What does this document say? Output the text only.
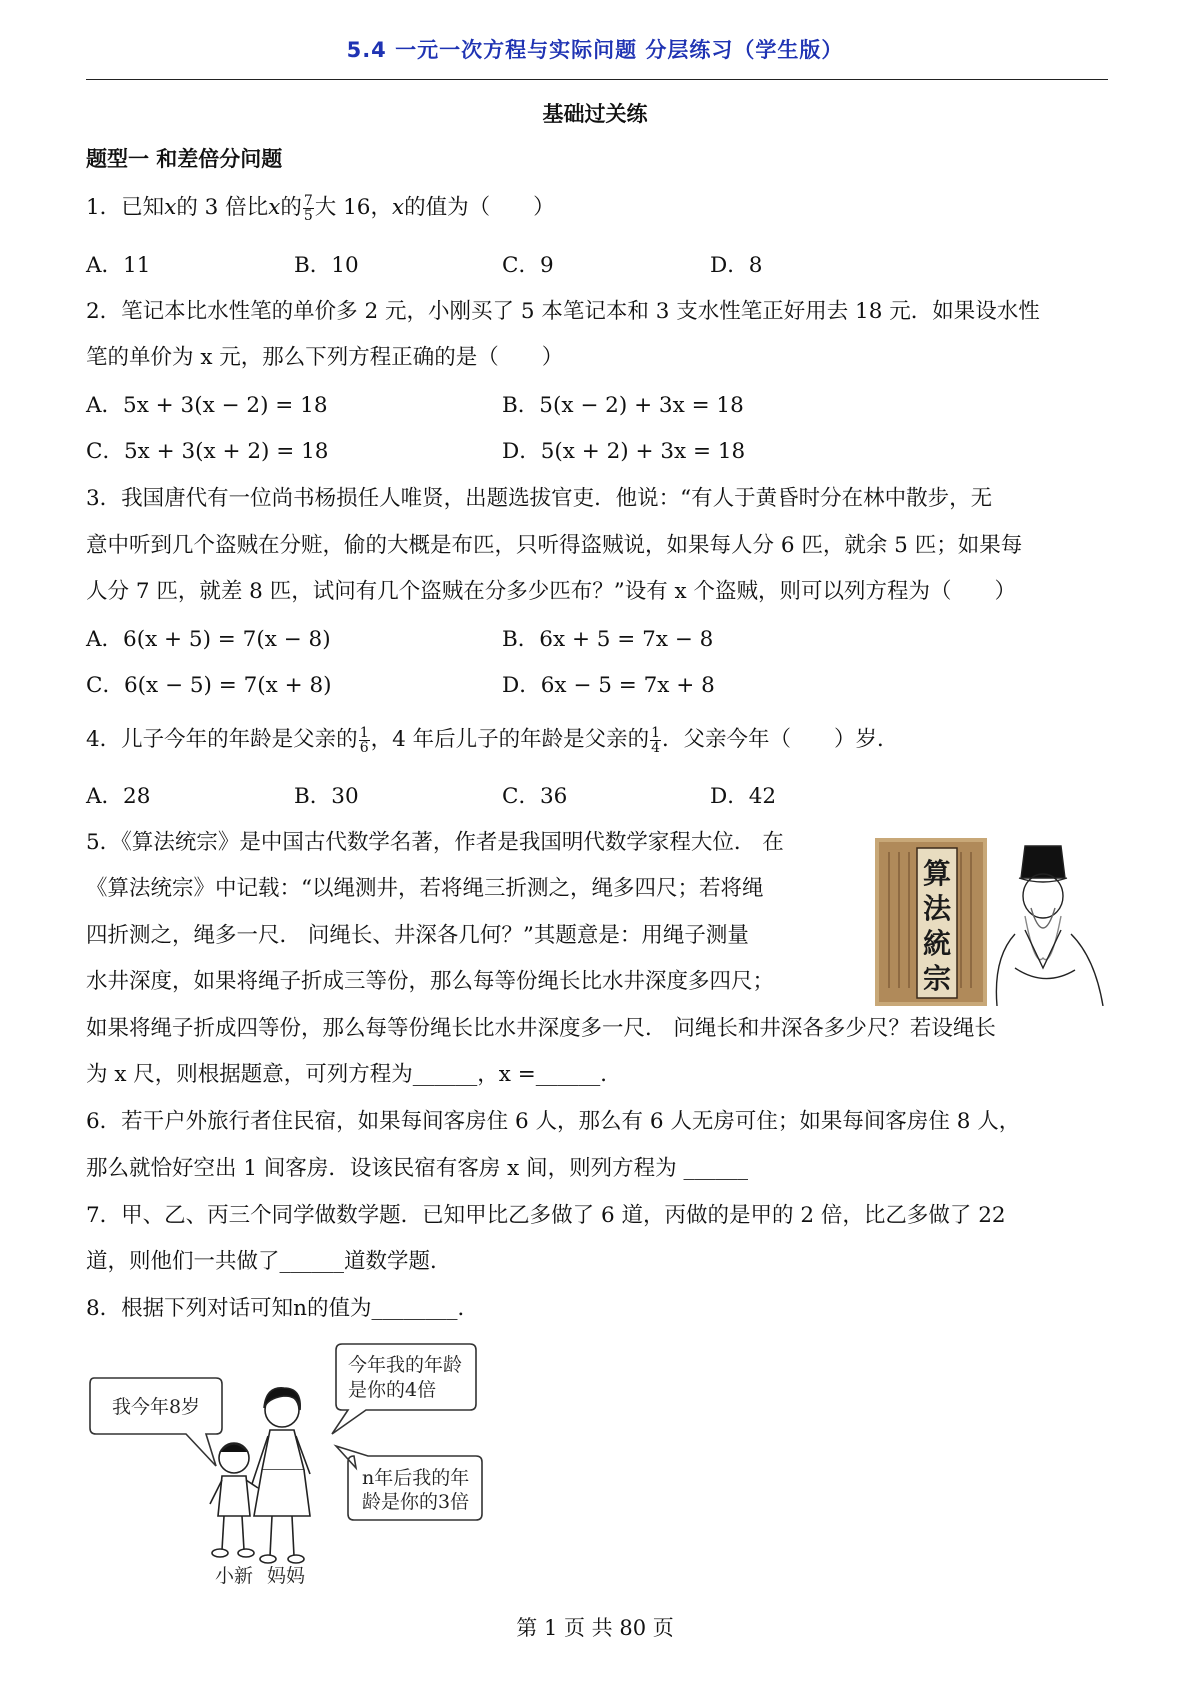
5.4 一元一次方程与实际问题 分层练习（学生版）
基础过关练
题型一 和差倍分问题
1．已知x的 3 倍比x的 $\frac{7}{5}$ 大 16，x的值为（　　）
A．11	B．10	C．9	D．8
2．笔记本比水性笔的单价多 2 元，小刚买了 5 本笔记本和 3 支水性笔正好用去 18 元．如果设水性
笔的单价为 x 元，那么下列方程正确的是（　　）
A．5x + 3(x − 2) = 18	B．5(x − 2) + 3x = 18
C．5x + 3(x + 2) = 18	D．5(x + 2) + 3x = 18
3．我国唐代有一位尚书杨损任人唯贤，出题选拔官吏．他说：“有人于黄昏时分在林中散步，无
意中听到几个盗贼在分赃，偷的大概是布匹，只听得盗贼说，如果每人分 6 匹，就余 5 匹；如果每
人分 7 匹，就差 8 匹，试问有几个盗贼在分多少匹布？”设有 x 个盗贼，则可以列方程为（　　）
A．6(x + 5) = 7(x − 8)	B．6x + 5 = 7x − 8
C．6(x − 5) = 7(x + 8)	D．6x − 5 = 7x + 8
4．儿子今年的年龄是父亲的 $\frac{1}{6}$ ，4 年后儿子的年龄是父亲的 $\frac{1}{4}$ ．父亲今年（　　）岁．
A．28	B．30	C．36	D．42
5．《算法统宗》是中国古代数学名著，作者是我国明代数学家程大位． 在
《算法统宗》中记载：“以绳测井，若将绳三折测之，绳多四尺；若将绳
四折测之，绳多一尺． 问绳长、井深各几何？”其题意是：用绳子测量
水井深度，如果将绳子折成三等份，那么每等份绳长比水井深度多四尺；
如果将绳子折成四等份，那么每等份绳长比水井深度多一尺． 问绳长和井深各多少尺？若设绳长
为 x 尺，则根据题意，可列方程为______，x =______．
算
法
統
宗
6．若干户外旅行者住民宿，如果每间客房住 6 人，那么有 6 人无房可住；如果每间客房住 8 人，
那么就恰好空出 1 间客房．设该民宿有客房 x 间，则列方程为 ______
7．甲、乙、丙三个同学做数学题．已知甲比乙多做了 6 道，丙做的是甲的 2 倍，比乙多做了 22
道，则他们一共做了______道数学题．
8．根据下列对话可知n的值为________．
我今年8岁
今年我的年龄
是你的4倍
n年后我的年
龄是你的3倍
小新 妈妈
第 1 页 共 80 页
